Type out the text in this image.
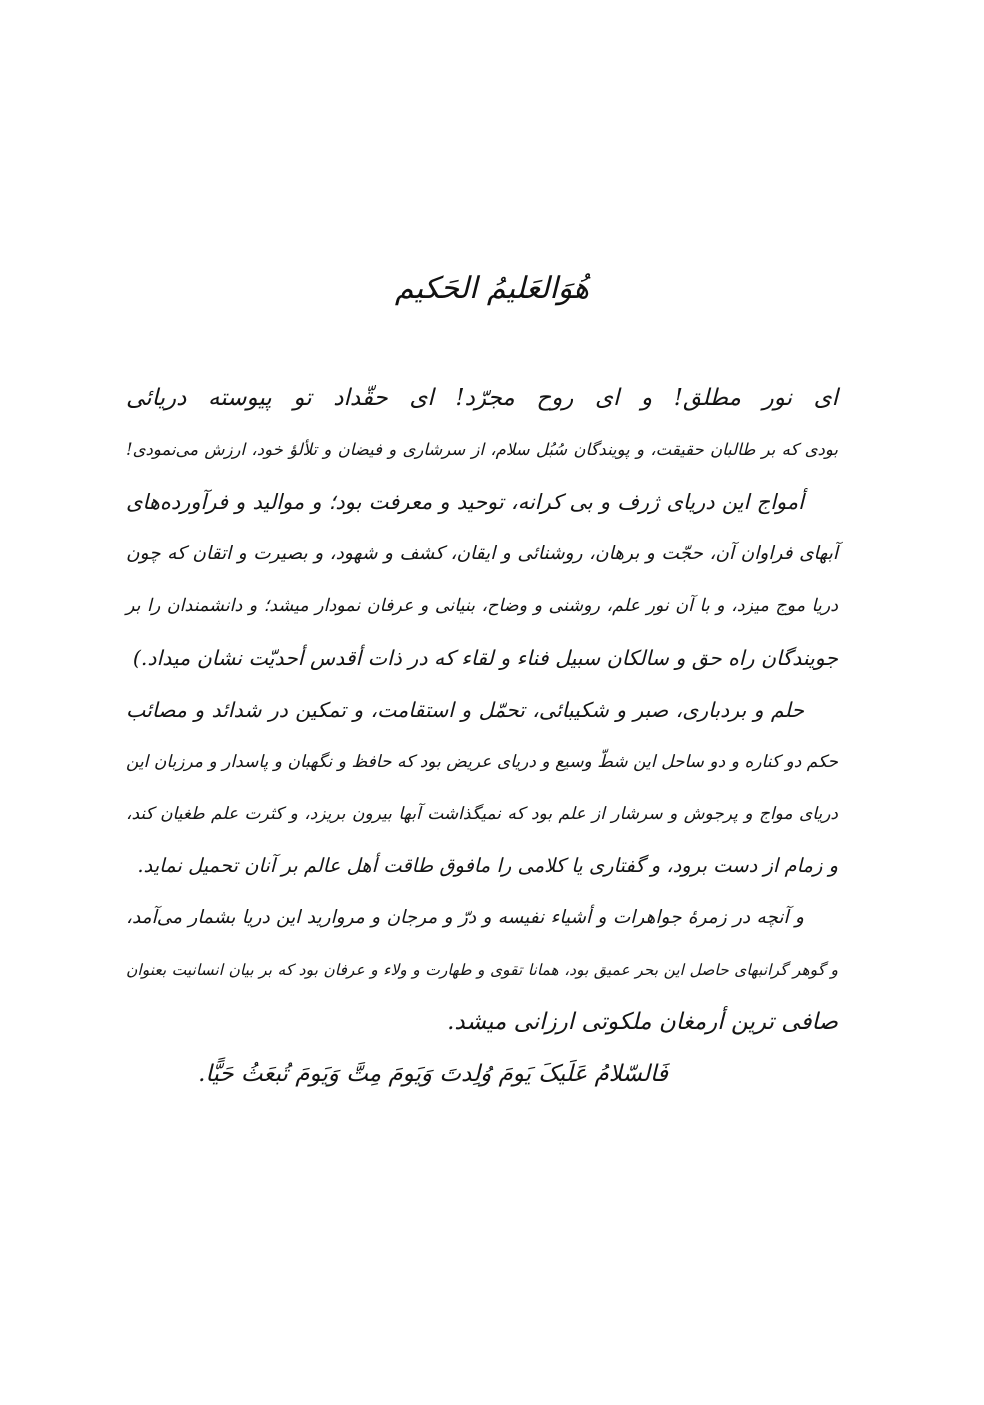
هُوَالعَلیمُ الحَکیم
ای نور مطلق! و ای روح مجرّد! ای حقّداد تو پیوسته دریائی
بودی که بر طالبان حقیقت، و پویندگان سُبُل سلام، از سرشاری و فیضان و تلألؤ خود، ارزش می‌نمودی!
أمواج این دریای ژرف و بی کرانه، توحید و معرفت بود؛ و موالید و فرآورده‌های
آبهای فراوان آن، حجّت و برهان، روشنائی و ایقان، کشف و شهود، و بصیرت و اتقان که چون
دریا موج میزد، و با آن نور علم، روشنی و وضاح، بنیانی و عرفان نمودار میشد؛ و دانشمندان را بر
جویندگان راه حق و سالکان سبیل فناء و لقاء که در ذات أقدس أحدیّت نشان میداد.)
حلم و بردباری، صبر و شکیبائی، تحمّل و استقامت، و تمکین در شدائد و مصائب
حکم دو کناره و دو ساحل این شطّ وسیع و دریای عریض بود که حافظ و نگهبان و پاسدار و مرزبان این
دریای مواج و پرجوش و سرشار از علم بود که نمیگذاشت آبها بیرون بریزد، و کثرت علم طغیان کند،
و زمام از دست برود، و گفتاری یا کلامی را مافوق طاقت أهل عالم بر آنان تحمیل نماید.
و آنچه در زمرهٔ جواهرات و أشیاء نفیسه و درّ و مرجان و مروارید این دریا بشمار می‌آمد،
و گوهر گرانبهای حاصل این بحر عمیق بود، همانا تقوی و طهارت و ولاء و عرفان بود که بر بیان انسانیت بعنوان
صافی ترین أرمغان ملکوتی ارزانی میشد.
فَالسّلامُ عَلَیکَ یَومَ وُلِدتَ وَیَومَ مِتَّ وَیَومَ تُبعَثُ حَیًّا.
